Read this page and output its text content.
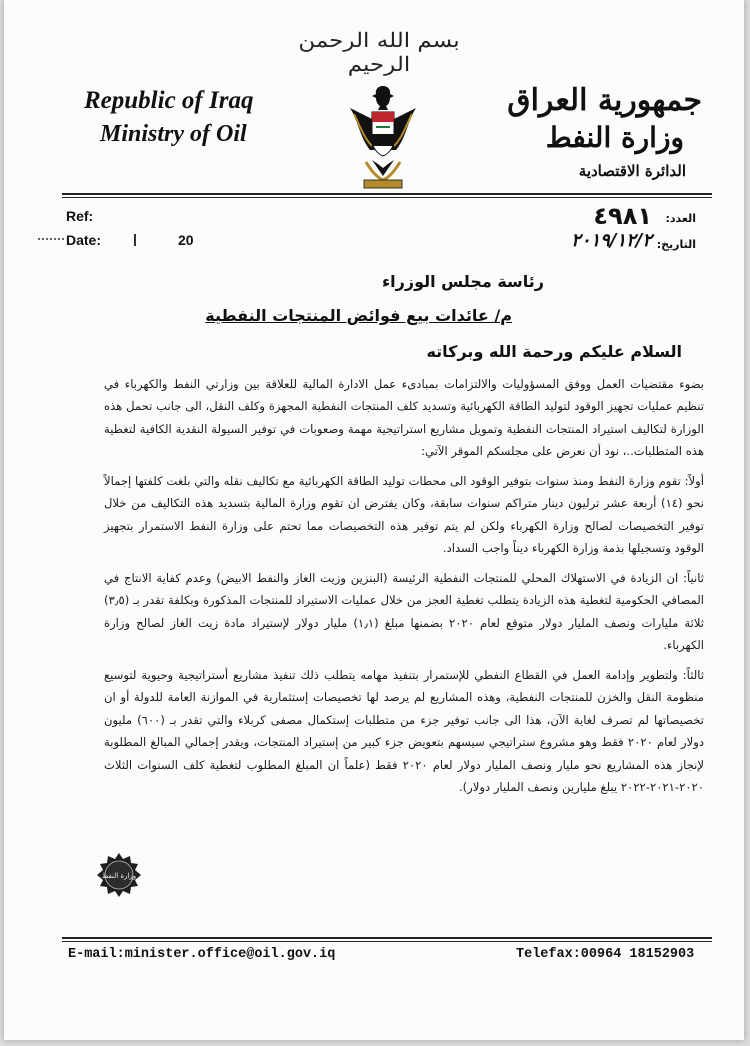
بسم الله الرحمن الرحيم
Republic of Iraq
Ministry of Oil
جمهورية العراق
وزارة النفط
الدائرة الاقتصادية
Ref:
Date:	20
العدد:
٤٩٨١
التاريخ:
٢٠١٩/١٢/٢
رئاسة مجلس الوزراء
م/ عائدات بيع فوائض المنتجات النفطية
السلام عليكم ورحمة الله وبركاته
بضوء مقتضيات العمل ووفق المسؤوليات والالتزامات بمبادىء عمل الادارة المالية للعلاقة بين وزارتي النفط والكهرباء في تنظيم عمليات تجهيز الوقود لتوليد الطاقة الكهربائية وتسديد كلف المنتجات النفطية المجهزة وكلف النقل، الى جانب تحمل هذه الوزارة لتكاليف استيراد المنتجات النفطية وتمويل مشاريع استراتيجية مهمة وصعوبات في توفير السيولة النقدية الكافية لتغطية هذه المتطلبات..، نود أن نعرض على مجلسكم الموقر الآتي:
أولاً: تقوم وزارة النفط ومنذ سنوات بتوفير الوقود الى محطات توليد الطاقة الكهربائية مع تكاليف نقله والتي بلغت كلفتها إجمالاً نحو (١٤) أربعة عشر ترليون دينار متراكم سنوات سابقة، وكان يفترض ان تقوم وزارة المالية بتسديد هذه التكاليف من خلال توفير التخصيصات لصالح وزارة الكهرباء ولكن لم يتم توفير هذه التخصيصات مما تحتم على وزارة النفط الاستمرار بتجهيز الوقود وتسجيلها بذمة وزارة الكهرباء ديناً واجب السداد.
ثانياً: ان الزيادة في الاستهلاك المحلي للمنتجات النفطية الرئيسة (البنزين وزيت الغاز والنفط الابيض) وعدم كفاية الانتاج في المصافي الحكومية لتغطية هذه الزيادة يتطلب تغطية العجز من خلال عمليات الاستيراد للمنتجات المذكورة وبكلفة تقدر بـ (٣٫٥) ثلاثة مليارات ونصف المليار دولار متوقع لعام ٢٠٢٠ بضمنها مبلغ (١٫١) مليار دولار لإستيراد مادة زيت الغاز لصالح وزارة الكهرباء.
ثالثاً: ولتطوير وإدامة العمل في القطاع النفطي للإستمرار بتنفيذ مهامه يتطلب ذلك تنفيذ مشاريع أستراتيجية وحيوية لتوسيع منظومة النقل والخزن للمنتجات النفطية، وهذه المشاريع لم يرصد لها تخصيصات إستثمارية في الموازنة العامة للدولة أو ان تخصيصاتها لم تصرف لغاية الآن، هذا الى جانب توفير جزء من متطلبات إستكمال مصفى كربلاء والتي تقدر بـ (٦٠٠) مليون دولار لعام ٢٠٢٠ فقط وهو مشروع ستراتيجي سيسهم بتعويض جزء كبير من إستيراد المنتجات، ويقدر إجمالي المبالغ المطلوبة لإنجاز هذه المشاريع نحو مليار ونصف المليار دولار لعام ٢٠٢٠ فقط (علماً ان المبلغ المطلوب لتغطية كلف السنوات الثلاث ٢٠٢٠-٢٠٢١-٢٠٢٢ يبلغ مليارين ونصف المليار دولار).
وزارة النفط
E-mail:minister.office@oil.gov.iq	Telefax:00964 18152903
